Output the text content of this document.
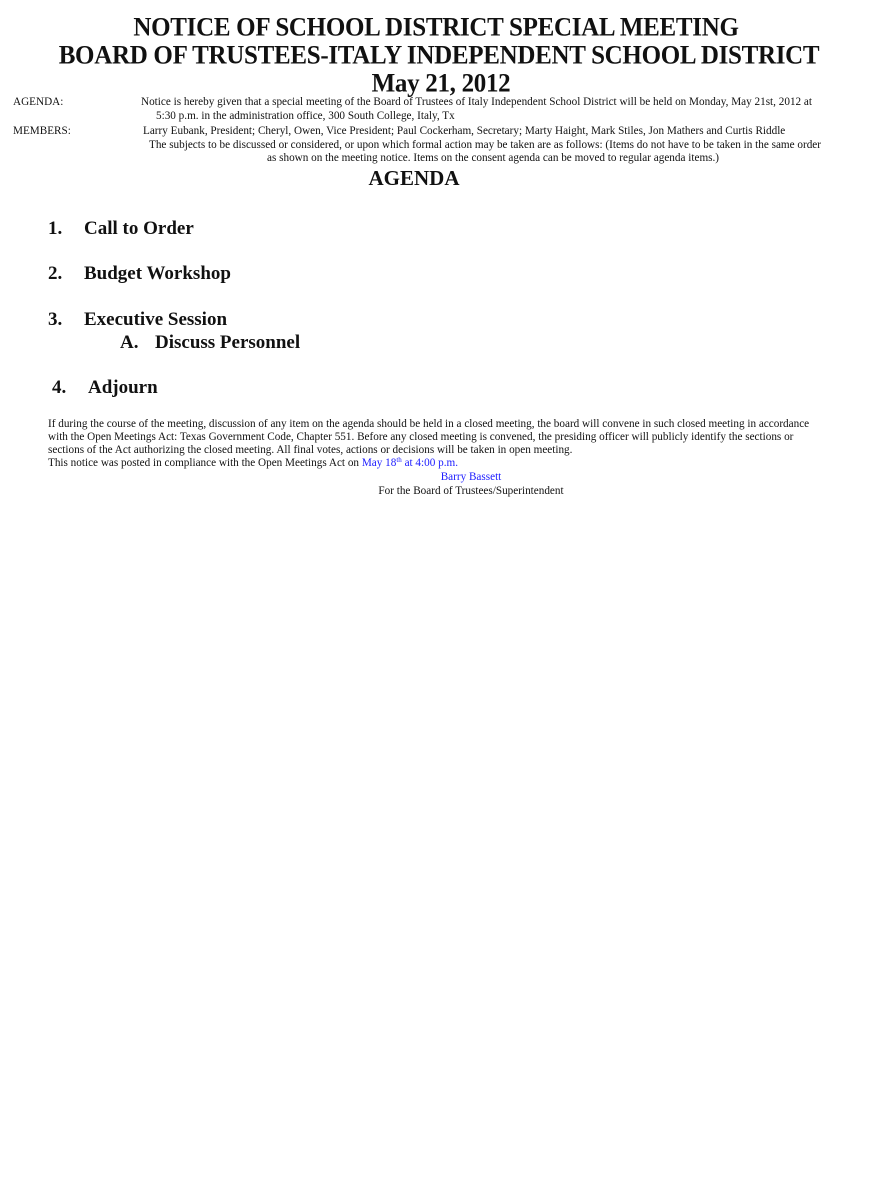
NOTICE OF SCHOOL DISTRICT SPECIAL MEETING
BOARD OF TRUSTEES-ITALY INDEPENDENT SCHOOL DISTRICT
May 21, 2012
AGENDA:	Notice is hereby given that a special meeting of the Board of Trustees of Italy Independent School District will be held on Monday, May 21st, 2012 at
5:30 p.m. in the administration office, 300 South College, Italy, Tx
MEMBERS:	Larry Eubank, President; Cheryl, Owen, Vice President; Paul Cockerham, Secretary; Marty Haight, Mark Stiles, Jon Mathers and Curtis Riddle
The subjects to be discussed or considered, or upon which formal action may be taken are as follows: (Items do not have to be taken in the same order
as shown on the meeting notice. Items on the consent agenda can be moved to regular agenda items.)
AGENDA
1. Call to Order
2. Budget Workshop
3. Executive Session
A. Discuss Personnel
4. Adjourn
If during the course of the meeting, discussion of any item on the agenda should be held in a closed meeting, the board will convene in such closed meeting in accordance
with the Open Meetings Act: Texas Government Code, Chapter 551. Before any closed meeting is convened, the presiding officer will publicly identify the sections or
sections of the Act authorizing the closed meeting. All final votes, actions or decisions will be taken in open meeting.
This notice was posted in compliance with the Open Meetings Act on May 18th at 4:00 p.m.
Barry Bassett
For the Board of Trustees/Superintendent
